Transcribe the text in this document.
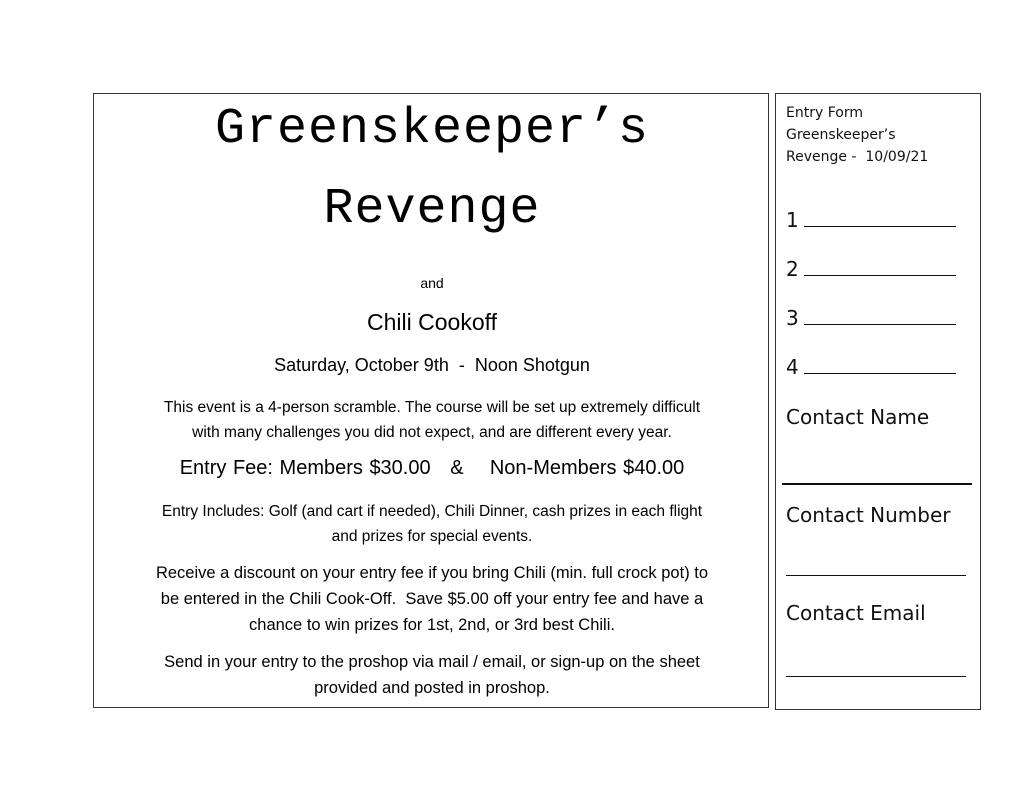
Greenskeeper’s
Revenge
and
Chili Cookoff
Saturday, October 9th  -  Noon Shotgun
This event is a 4-person scramble. The course will be set up extremely difficult
with many challenges you did not expect, and are different every year.
Entry Fee: Members $30.00   &    Non-Members $40.00
Entry Includes: Golf (and cart if needed), Chili Dinner, cash prizes in each flight
and prizes for special events.
Receive a discount on your entry fee if you bring Chili (min. full crock pot) to
be entered in the Chili Cook-Off.  Save $5.00 off your entry fee and have a
chance to win prizes for 1st, 2nd, or 3rd best Chili.
Send in your entry to the proshop via mail / email, or sign-up on the sheet
provided and posted in proshop.
Entry Form
Greenskeeper’s
Revenge -  10/09/21
1
2
3
4
Contact Name
Contact Number
Contact Email
